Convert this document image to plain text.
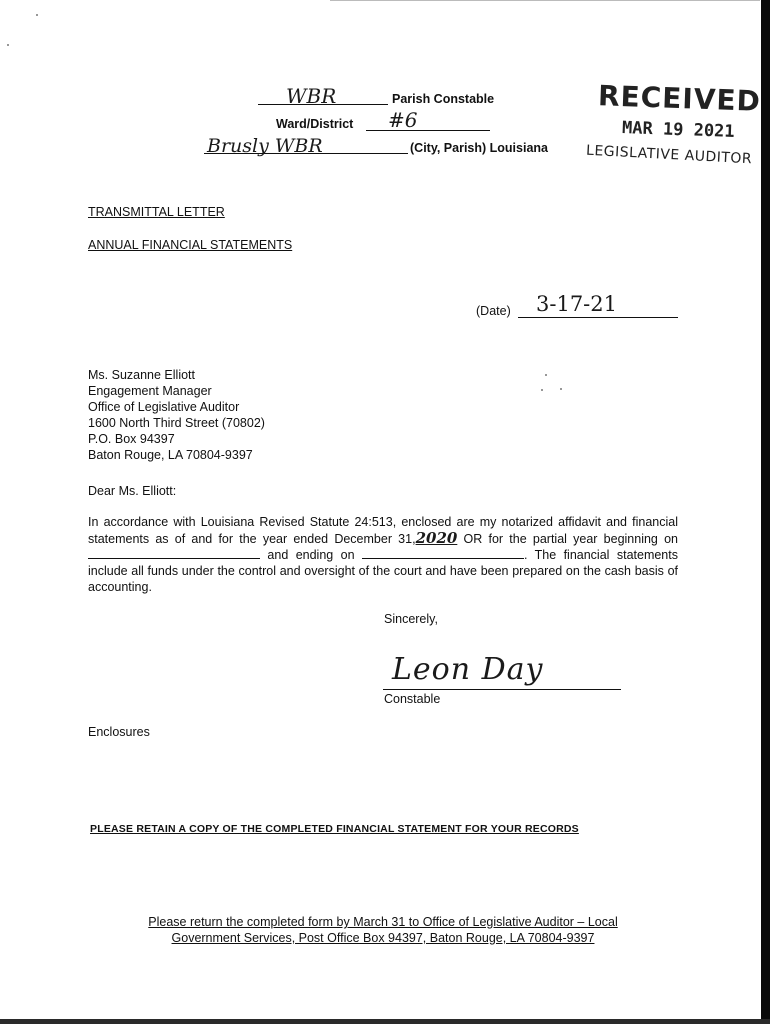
WBR	Parish Constable
Ward/District #6
Brusly WBR	(City, Parish) Louisiana
RECEIVED
MAR 19 2021
LEGISLATIVE AUDITOR
TRANSMITTAL LETTER
ANNUAL FINANCIAL STATEMENTS
(Date) 3-17-21
Ms. Suzanne Elliott
Engagement Manager
Office of Legislative Auditor
1600 North Third Street (70802)
P.O. Box 94397
Baton Rouge, LA 70804-9397
Dear Ms. Elliott:
In accordance with Louisiana Revised Statute 24:513, enclosed are my notarized affidavit and financial statements as of and for the year ended December 31,2020 OR for the partial year beginning on  and ending on	. The financial statements include all funds under the control and oversight of the court and have been prepared on the cash basis of accounting.
Sincerely,
Leon Day
Constable
Enclosures
PLEASE RETAIN A COPY OF THE COMPLETED FINANCIAL STATEMENT FOR YOUR RECORDS
Please return the completed form by March 31 to Office of Legislative Auditor – Local
Government Services, Post Office Box 94397, Baton Rouge, LA 70804-9397
